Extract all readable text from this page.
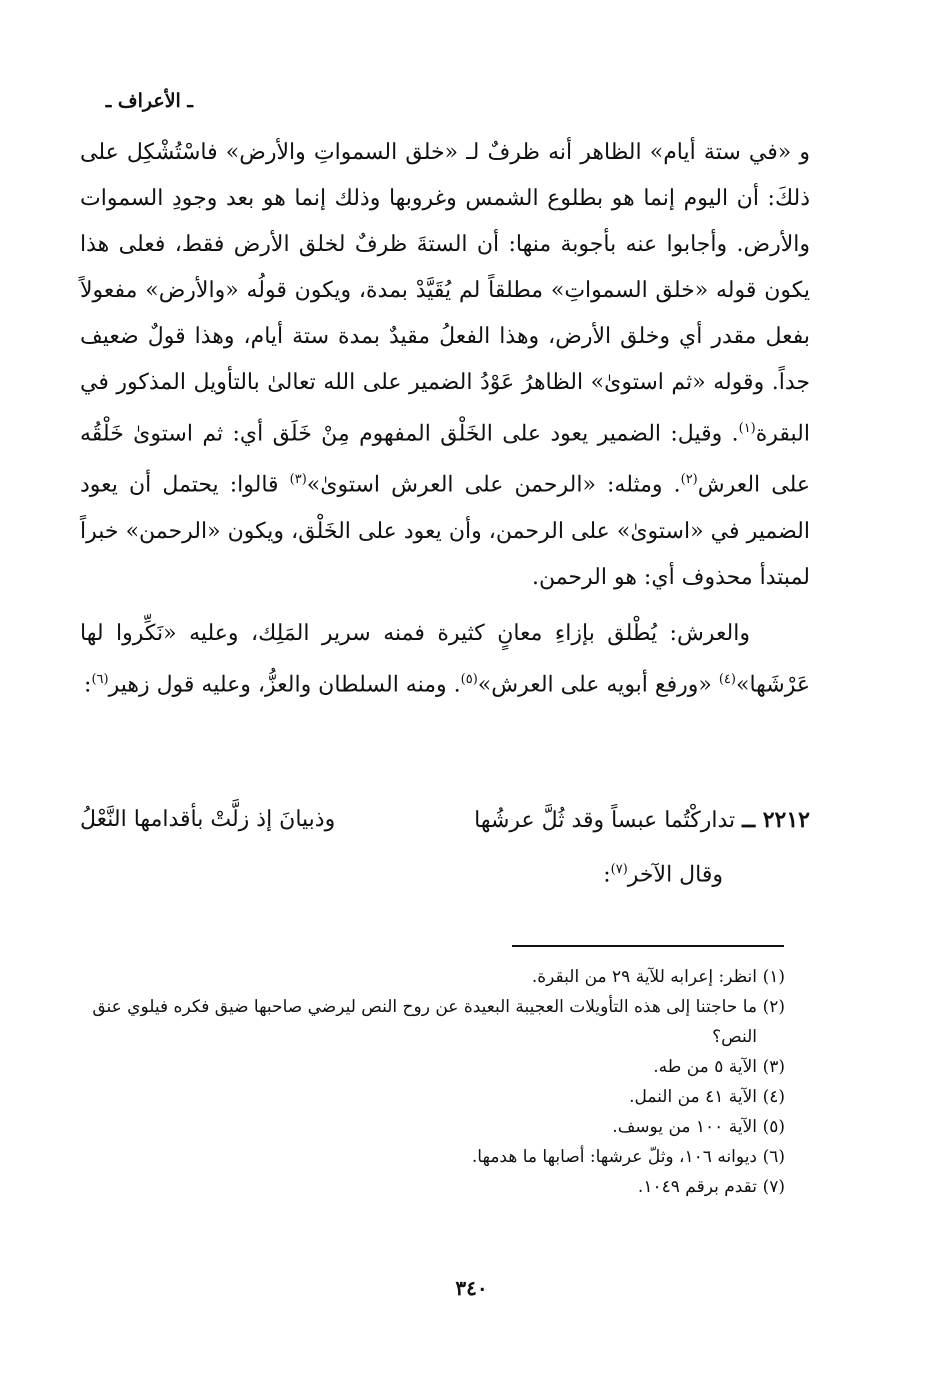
ـ الأعراف ـ

و «في ستة أيام» الظاهر أنه ظرفٌ لـ «خلق السمواتِ والأرض» فاسْتُشْكِل على ذلكَ: أن اليوم إنما هو بطلوع الشمس وغروبها وذلك إنما هو بعد وجودِ السموات والأرض. وأجابوا عنه بأجوبة منها: أن الستةَ ظرفٌ لخلق الأرض فقط، فعلى هذا يكون قوله «خلق السمواتِ» مطلقاً لم يُقَيَّدْ بمدة، ويكون قولُه «والأرض» مفعولاً بفعل مقدر أي وخلق الأرض، وهذا الفعلُ مقيدٌ بمدة ستة أيام، وهذا قولٌ ضعيف جداً. وقوله «ثم استوىٰ» الظاهرُ عَوْدُ الضمير على الله تعالىٰ بالتأويل المذكور في البقرة$^{(١)}$. وقيل: الضمير يعود على الخَلْق المفهوم مِنْ خَلَق أي: ثم استوىٰ خَلْقُه على العرش$^{(٢)}$. ومثله: «الرحمن على العرش استوىٰ»$^{(٣)}$ قالوا: يحتمل أن يعود الضمير في «استوىٰ» على الرحمن، وأن يعود على الخَلْق، ويكون «الرحمن» خبراً لمبتدأ محذوف أي: هو الرحمن.

والعرش: يُطْلق بإزاءِ معانٍ كثيرة فمنه سرير المَلِك، وعليه «نَكِّروا لها عَرْشَها»$^{(٤)}$ «ورفع أبويه على العرش»$^{(٥)}$. ومنه السلطان والعزُّ، وعليه قول زهير$^{(٦)}$:

٢٢١٢ ــ تداركْتُما عبساً وقد ثُلَّ عرشُها
وذبيانَ إذ زلَّتْ بأقدامها النَّعْلُ
وقال الآخر$^{(٧)}$:
(١)
انظر: إعرابه للآية ٢٩ من البقرة.
(٢)
ما حاجتنا إلى هذه التأويلات العجيبة البعيدة عن روح النص ليرضي صاحبها ضيق فكره فيلوي عنق النص؟
(٣)
الآية ٥ من طه.
(٤)
الآية ٤١ من النمل.
(٥)
الآية ١٠٠ من يوسف.
(٦)
ديوانه ١٠٦، وثلّ عرشها: أصابها ما هدمها.
(٧)
تقدم برقم ١٠٤٩.
٣٤٠
